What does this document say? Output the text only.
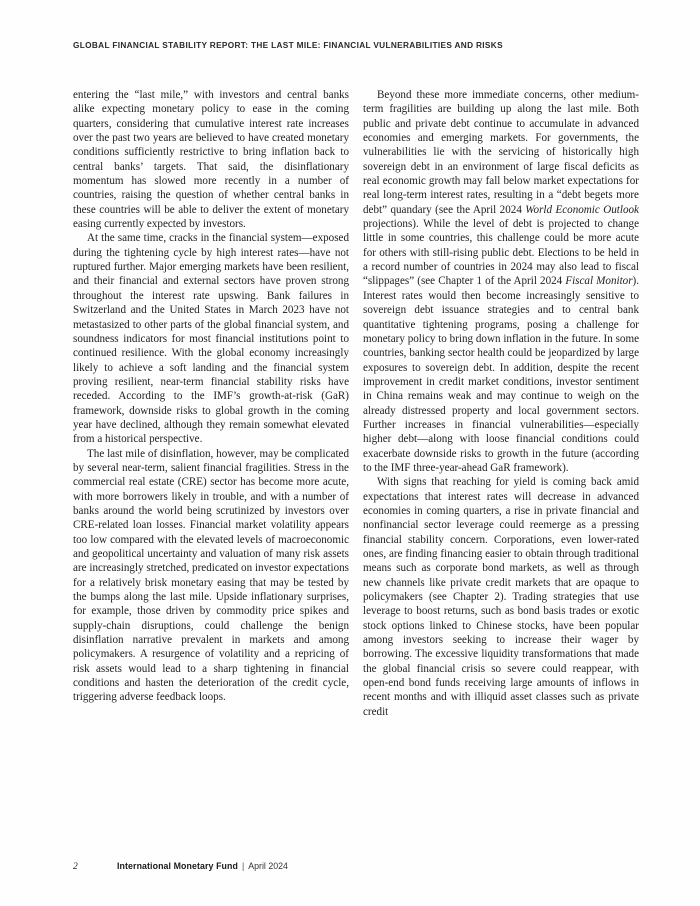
GLOBAL FINANCIAL STABILITY REPORT: THE LAST MILE: FINANCIAL VULNERABILITIES AND RISKS

entering the “last mile,” with investors and central banks alike expecting monetary policy to ease in the coming quarters, considering that cumulative interest rate increases over the past two years are believed to have created monetary conditions sufficiently restrictive to bring inflation back to central banks’ targets. That said, the disinflationary momentum has slowed more recently in a number of countries, raising the question of whether central banks in these countries will be able to deliver the extent of monetary easing currently expected by investors.

At the same time, cracks in the financial system—exposed during the tightening cycle by high interest rates—have not ruptured further. Major emerging markets have been resilient, and their financial and external sectors have proven strong throughout the interest rate upswing. Bank failures in Switzerland and the United States in March 2023 have not metastasized to other parts of the global financial system, and soundness indicators for most financial institutions point to continued resilience. With the global economy increasingly likely to achieve a soft landing and the financial system proving resilient, near-term financial stability risks have receded. According to the IMF’s growth-at-risk (GaR) framework, downside risks to global growth in the coming year have declined, although they remain somewhat elevated from a historical perspective.

The last mile of disinflation, however, may be complicated by several near-term, salient financial fragilities. Stress in the commercial real estate (CRE) sector has become more acute, with more borrowers likely in trouble, and with a number of banks around the world being scrutinized by investors over CRE-related loan losses. Financial market volatility appears too low compared with the elevated levels of macroeconomic and geopolitical uncertainty and valuation of many risk assets are increasingly stretched, predicated on investor expectations for a relatively brisk monetary easing that may be tested by the bumps along the last mile. Upside inflationary surprises, for example, those driven by commodity price spikes and supply-chain disruptions, could challenge the benign disinflation narrative prevalent in markets and among policymakers. A resurgence of volatility and a repricing of risk assets would lead to a sharp tightening in financial conditions and hasten the deterioration of the credit cycle, triggering adverse feedback loops.

Beyond these more immediate concerns, other medium-term fragilities are building up along the last mile. Both public and private debt continue to accumulate in advanced economies and emerging markets. For governments, the vulnerabilities lie with the servicing of historically high sovereign debt in an environment of large fiscal deficits as real economic growth may fall below market expectations for real long-term interest rates, resulting in a “debt begets more debt” quandary (see the April 2024 World Economic Outlook projections). While the level of debt is projected to change little in some countries, this challenge could be more acute for others with still-rising public debt. Elections to be held in a record number of countries in 2024 may also lead to fiscal “slippages” (see Chapter 1 of the April 2024 Fiscal Monitor). Interest rates would then become increasingly sensitive to sovereign debt issuance strategies and to central bank quantitative tightening programs, posing a challenge for monetary policy to bring down inflation in the future. In some countries, banking sector health could be jeopardized by large exposures to sovereign debt. In addition, despite the recent improvement in credit market conditions, investor sentiment in China remains weak and may continue to weigh on the already distressed property and local government sectors. Further increases in financial vulnerabilities—especially higher debt—along with loose financial conditions could exacerbate downside risks to growth in the future (according to the IMF three-year-ahead GaR framework).

With signs that reaching for yield is coming back amid expectations that interest rates will decrease in advanced economies in coming quarters, a rise in private financial and nonfinancial sector leverage could reemerge as a pressing financial stability concern. Corporations, even lower-rated ones, are finding financing easier to obtain through traditional means such as corporate bond markets, as well as through new channels like private credit markets that are opaque to policymakers (see Chapter 2). Trading strategies that use leverage to boost returns, such as bond basis trades or exotic stock options linked to Chinese stocks, have been popular among investors seeking to increase their wager by borrowing. The excessive liquidity transformations that made the global financial crisis so severe could reappear, with open-end bond funds receiving large amounts of inflows in recent months and with illiquid asset classes such as private credit

2	International Monetary Fund | April 2024
